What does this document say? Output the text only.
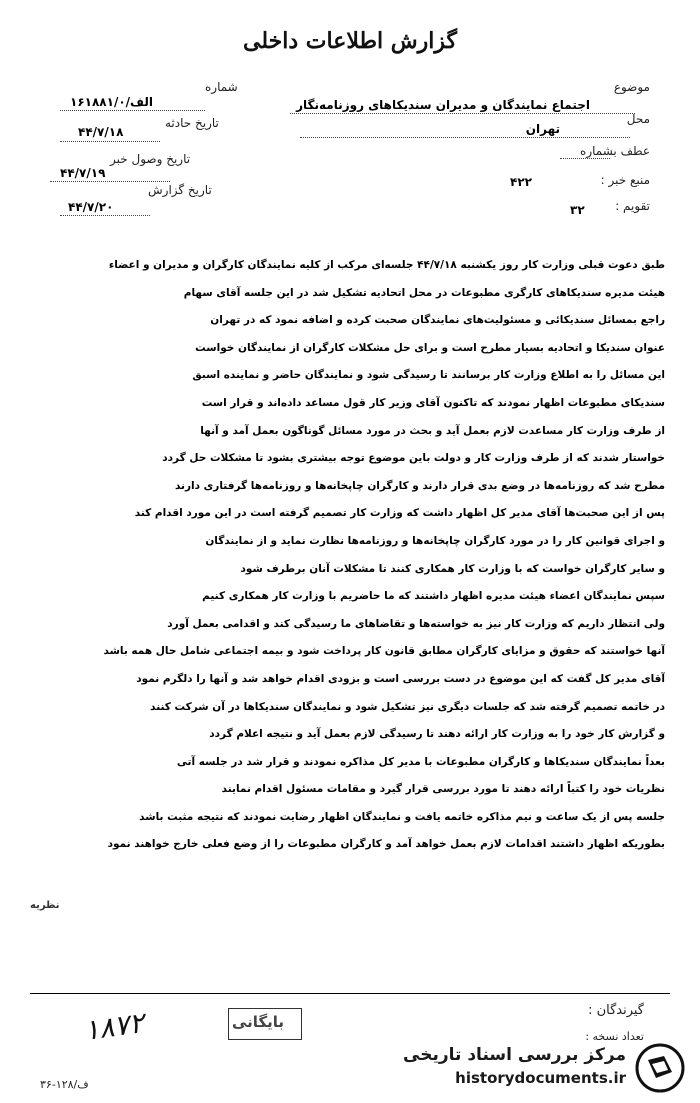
گزارش اطلاعات داخلی
موضوع
اجتماع نمایندگان و مدیران سندیکاهای روزنامه‌نگار
محل
تهران
عطف بشماره
منبع خبر :
۴۲۲
تقویم :
۳۲
شماره
۱۶۱۸۸۱/۰/الف
تاریخ حادثه
۴۴/۷/۱۸
تاریخ وصول خبر
۴۴/۷/۱۹
تاریخ گزارش
۴۴/۷/۲۰
طبق دعوت قبلی وزارت کار روز یکشنبه ۴۴/۷/۱۸ جلسه‌ای مرکب از کلیه نمایندگان کارگران و مدیران و اعضاء
هیئت مدیره سندیکاهای کارگری مطبوعات در محل اتحادیه تشکیل شد در این جلسه آقای سهام
راجع بمسائل سندیکائی و مسئولیت‌های نمایندگان صحبت کرده و اضافه نمود که در تهران
عنوان سندیکا و اتحادیه بسیار مطرح است و برای حل مشکلات کارگران از نمایندگان خواست
این مسائل را به اطلاع وزارت کار برسانند تا رسیدگی شود و نمایندگان حاضر و نماینده اسبق
سندیکای مطبوعات اظهار نمودند که تاکنون آقای وزیر کار قول مساعد داده‌اند و قرار است
از طرف وزارت کار مساعدت لازم بعمل آید و بحث در مورد مسائل گوناگون بعمل آمد و آنها
خواستار شدند که از طرف وزارت کار و دولت باین موضوع توجه بیشتری بشود تا مشکلات حل گردد
مطرح شد که روزنامه‌ها در وضع بدی قرار دارند و کارگران چاپخانه‌ها و روزنامه‌ها گرفتاری دارند
پس از این صحبت‌ها آقای مدیر کل اظهار داشت که وزارت کار تصمیم گرفته است در این مورد اقدام کند
و اجرای قوانین کار را در مورد کارگران چاپخانه‌ها و روزنامه‌ها نظارت نماید و از نمایندگان
و سایر کارگران خواست که با وزارت کار همکاری کنند تا مشکلات آنان برطرف شود
سپس نمایندگان اعضاء هیئت مدیره اظهار داشتند که ما حاضریم با وزارت کار همکاری کنیم
ولی انتظار داریم که وزارت کار نیز به خواسته‌ها و تقاضاهای ما رسیدگی کند و اقدامی بعمل آورد
آنها خواستند که حقوق و مزایای کارگران مطابق قانون کار پرداخت شود و بیمه اجتماعی شامل حال همه باشد
آقای مدیر کل گفت که این موضوع در دست بررسی است و بزودی اقدام خواهد شد و آنها را دلگرم نمود
در خاتمه تصمیم گرفته شد که جلسات دیگری نیز تشکیل شود و نمایندگان سندیکاها در آن شرکت کنند
و گزارش کار خود را به وزارت کار ارائه دهند تا رسیدگی لازم بعمل آید و نتیجه اعلام گردد
بعداً نمایندگان سندیکاها و کارگران مطبوعات با مدیر کل مذاکره نمودند و قرار شد در جلسه آتی
نظریات خود را کتباً ارائه دهند تا مورد بررسی قرار گیرد و مقامات مسئول اقدام نمایند
جلسه پس از یک ساعت و نیم مذاکره خاتمه یافت و نمایندگان اظهار رضایت نمودند که نتیجه مثبت باشد
بطوریکه اظهار داشتند اقدامات لازم بعمل خواهد آمد و کارگران مطبوعات را از وضع فعلی خارج خواهند نمود
نظریه
گیرندگان :
تعداد نسخه :
بایگانی
۱۸۷۲
ف/۱۲۸-۳۶
مرکز بررسی اسناد تاریخی
historydocuments.ir
